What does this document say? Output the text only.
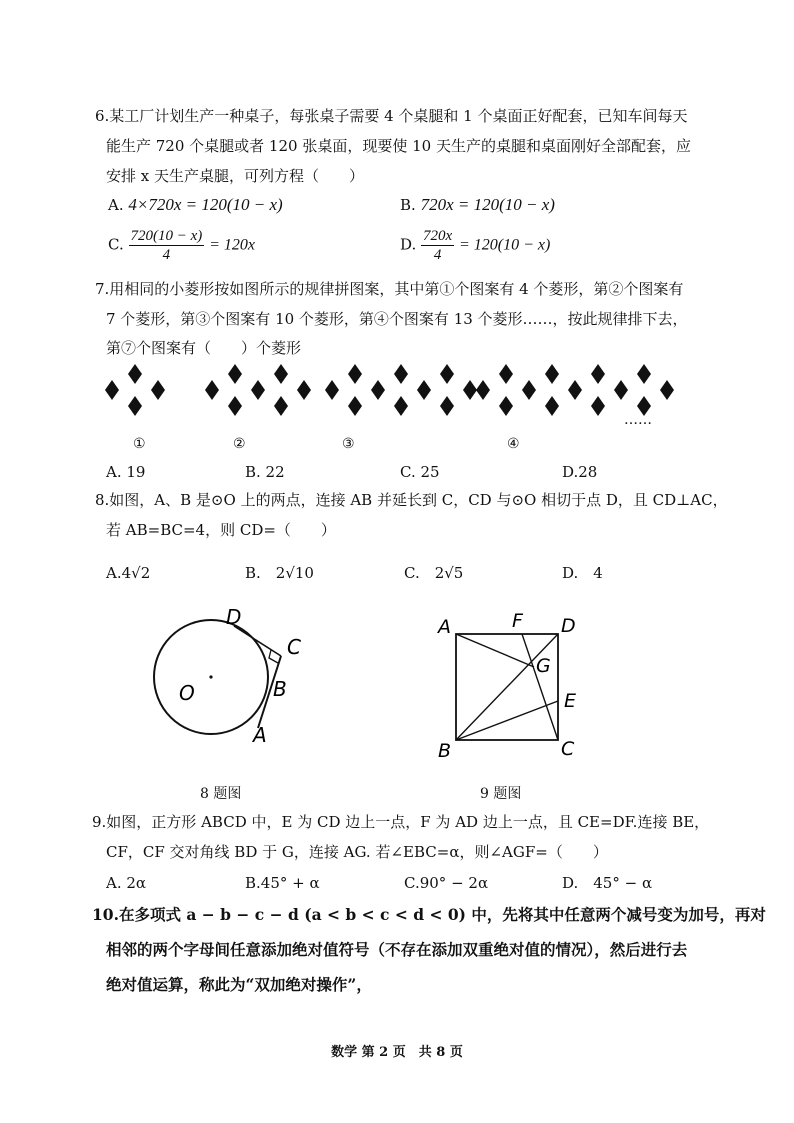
6.某工厂计划生产一种桌子，每张桌子需要 4 个桌腿和 1 个桌面正好配套，已知车间每天
能生产 720 个桌腿或者 120 张桌面，现要使 10 天生产的桌腿和桌面刚好全部配套，应
安排 x 天生产桌腿，可列方程（　　）
A. 4×720x = 120(10 − x)	B. 720x = 120(10 − x)
C. $\frac{720(10 - x)}{4} = 120x$	D. $\frac{720x}{4} = 120(10 - x)$
7.用相同的小菱形按如图所示的规律拼图案，其中第①个图案有 4 个菱形，第②个图案有
7 个菱形，第③个图案有 10 个菱形，第④个图案有 13 个菱形……，按此规律排下去，
第⑦个图案有（　　）个菱形
①	②	③	④
……
A. 19	B. 22	C. 25	D.28
8.如图，A、B 是⊙O 上的两点，连接 AB 并延长到 C，CD 与⊙O 相切于点 D，且 CD⊥AC，
若 AB=BC=4，则 CD=（　　）
A.4√2	B.　2√10	C.　2√5	D.　4
D
C
B
A
O
8 题图
A	F D
G
E
B	C
9 题图
9.如图，正方形 ABCD 中，E 为 CD 边上一点，F 为 AD 边上一点，且 CE=DF.连接 BE，
CF，CF 交对角线 BD 于 G，连接 AG. 若∠EBC=α，则∠AGF=（　　）
A. 2α	B.45° + α	C.90° − 2α	D.　45° − α
10.在多项式 a − b − c − d (a < b < c < d < 0) 中，先将其中任意两个减号变为加号，再对
相邻的两个字母间任意添加绝对值符号（不存在添加双重绝对值的情况），然后进行去
绝对值运算，称此为“双加绝对操作”，
数学 第 2 页　共 8 页
